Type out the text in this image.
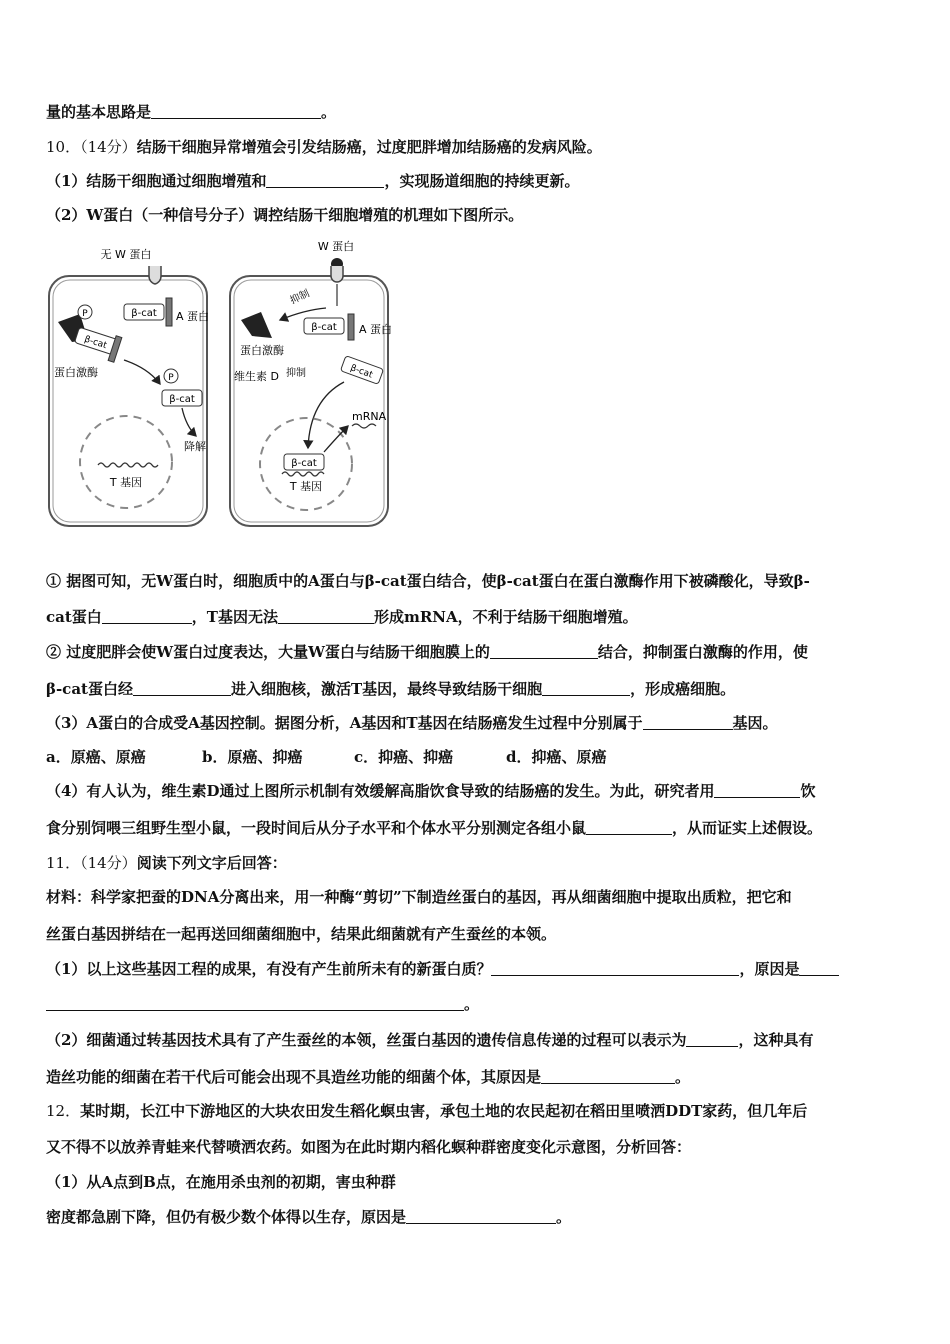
量的基本思路是	。
10．（14分）结肠干细胞异常增殖会引发结肠癌，过度肥胖增加结肠癌的发病风险。
（1）结肠干细胞通过细胞增殖和	，实现肠道细胞的持续更新。
（2）W蛋白（一种信号分子）调控结肠干细胞增殖的机理如下图所示。
无 W 蛋白
β-cat A 蛋白
P
β-cat
蛋白激酶	P
β-cat
降解
T 基因
W 蛋白
抑制
蛋白激酶
β-cat A 蛋白
β-cat
维生素 D 抑制
mRNA
β-cat
T 基因
① 据图可知，无W蛋白时，细胞质中的A蛋白与β-cat蛋白结合，使β-cat蛋白在蛋白激酶作用下被磷酸化，导致β-
cat蛋白	，T基因无法	形成mRNA，不利于结肠干细胞增殖。
② 过度肥胖会使W蛋白过度表达，大量W蛋白与结肠干细胞膜上的	结合，抑制蛋白激酶的作用，使
β-cat蛋白经	进入细胞核，激活T基因，最终导致结肠干细胞	，形成癌细胞。
（3）A蛋白的合成受A基因控制。据图分析，A基因和T基因在结肠癌发生过程中分别属于	基因。
a．原癌、原癌	b．原癌、抑癌	c．抑癌、抑癌	d．抑癌、原癌
（4）有人认为，维生素D通过上图所示机制有效缓解高脂饮食导致的结肠癌的发生。为此，研究者用	饮
食分别饲喂三组野生型小鼠，一段时间后从分子水平和个体水平分别测定各组小鼠	，从而证实上述假设。
11．（14分）阅读下列文字后回答：
材料：科学家把蚕的DNA分离出来，用一种酶“剪切”下制造丝蛋白的基因，再从细菌细胞中提取出质粒，把它和
丝蛋白基因拼结在一起再送回细菌细胞中，结果此细菌就有产生蚕丝的本领。
（1）以上这些基因工程的成果，有没有产生前所未有的新蛋白质？	，原因是
。
（2）细菌通过转基因技术具有了产生蚕丝的本领，丝蛋白基因的遗传信息传递的过程可以表示为	，这种具有
造丝功能的细菌在若干代后可能会出现不具造丝功能的细菌个体，其原因是	。
12．某时期，长江中下游地区的大块农田发生稻化螟虫害，承包土地的农民起初在稻田里喷洒DDT家药，但几年后
又不得不以放养青蛙来代替喷洒农药。如图为在此时期内稻化螟种群密度变化示意图，分析回答：
（1）从A点到B点，在施用杀虫剂的初期，害虫种群
密度都急剧下降，但仍有极少数个体得以生存，原因是	。
